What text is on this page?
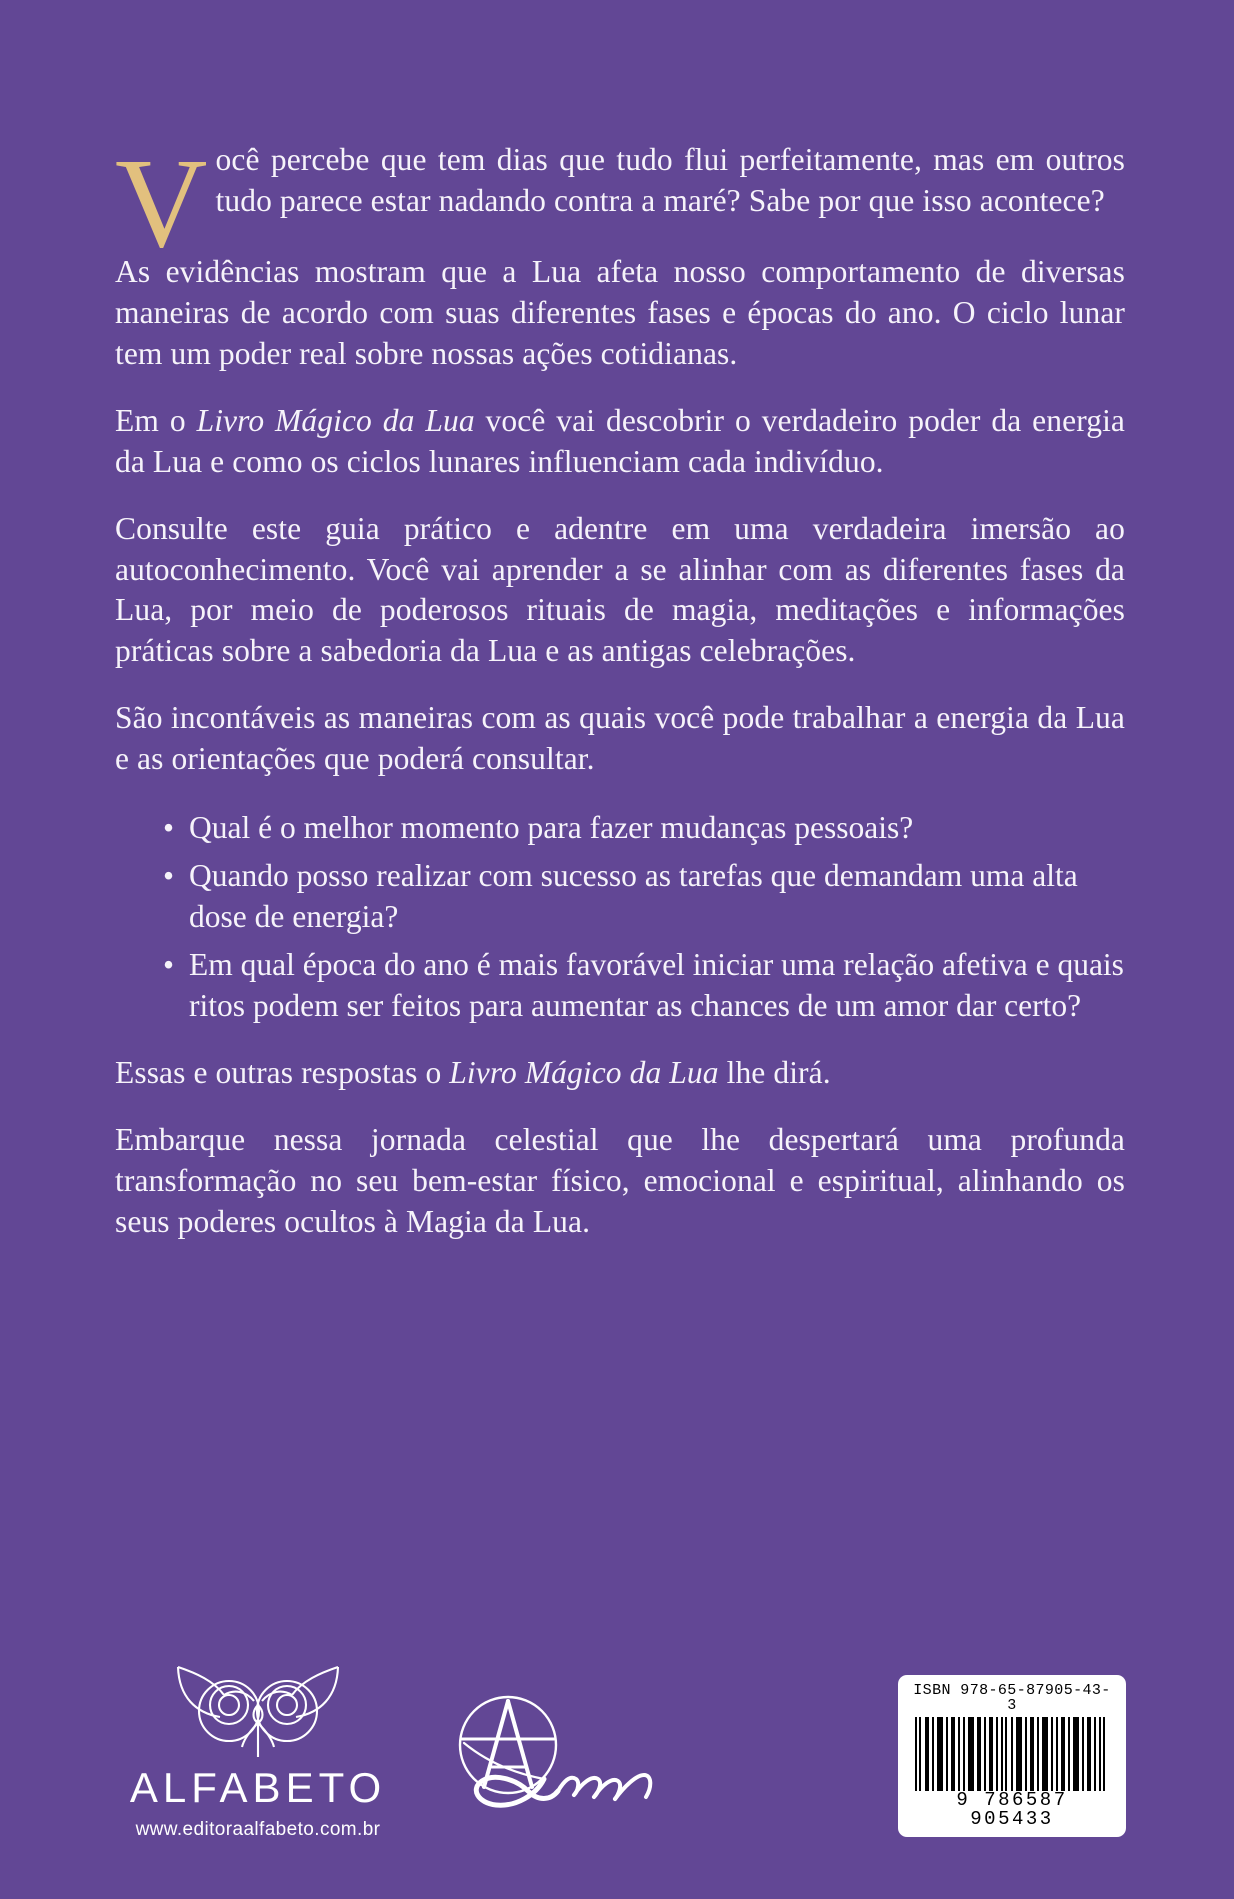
Você percebe que tem dias que tudo flui perfeitamente, mas em outros tudo parece estar nadando contra a maré? Sabe por que isso acontece?

As evidências mostram que a Lua afeta nosso comportamento de diversas maneiras de acordo com suas diferentes fases e épocas do ano. O ciclo lunar tem um poder real sobre nossas ações cotidianas.

Em o Livro Mágico da Lua você vai descobrir o verdadeiro poder da energia da Lua e como os ciclos lunares influenciam cada indivíduo.

Consulte este guia prático e adentre em uma verdadeira imersão ao autoconhecimento. Você vai aprender a se alinhar com as diferentes fases da Lua, por meio de poderosos rituais de magia, meditações e informações práticas sobre a sabedoria da Lua e as antigas celebrações.

São incontáveis as maneiras com as quais você pode trabalhar a energia da Lua e as orientações que poderá consultar.

• Qual é o melhor momento para fazer mudanças pessoais?
• Quando posso realizar com sucesso as tarefas que demandam uma alta dose de energia?
• Em qual época do ano é mais favorável iniciar uma relação afetiva e quais ritos podem ser feitos para aumentar as chances de um amor dar certo?

Essas e outras respostas o Livro Mágico da Lua lhe dirá.

Embarque nessa jornada celestial que lhe despertará uma profunda transformação no seu bem-estar físico, emocional e espiritual, alinhando os seus poderes ocultos à Magia da Lua.

ALFABETO
www.editoraalfabeto.com.br
ISBN 978-65-87905-43-3
9 786587 905433
